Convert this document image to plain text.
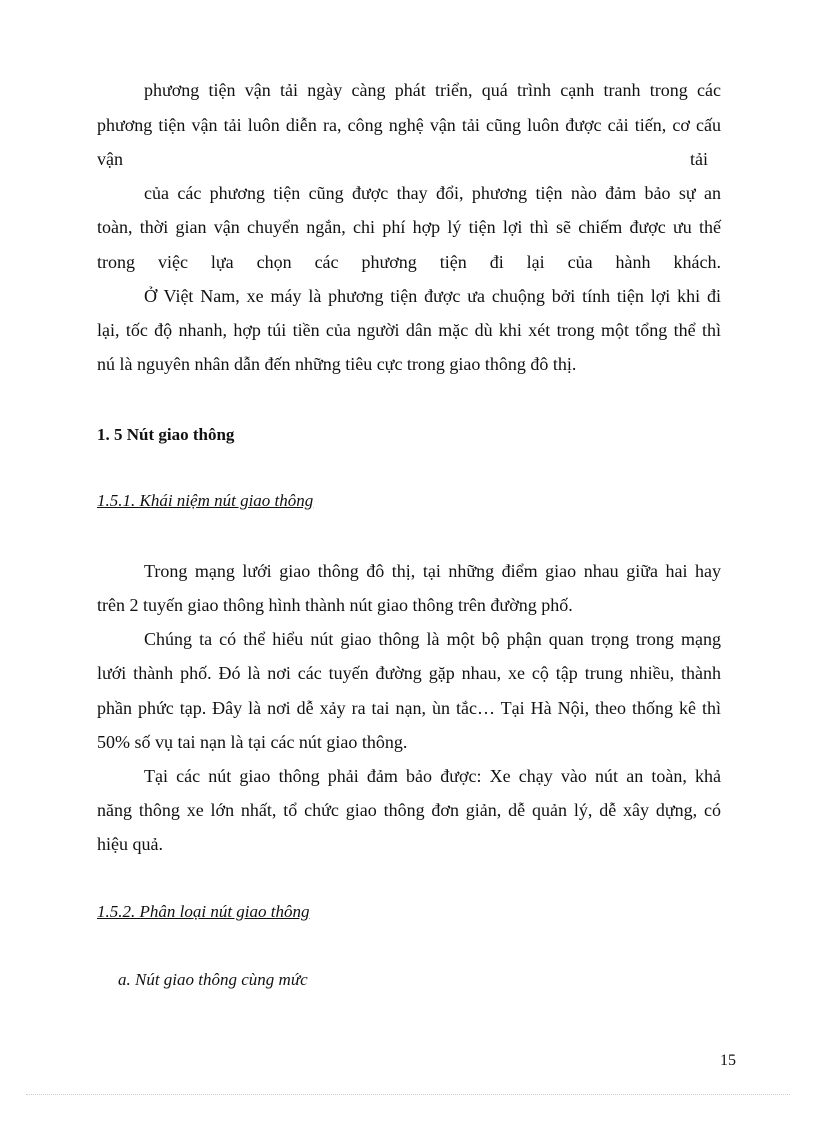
phương tiện vận tải ngày càng phát triển, quá trình cạnh tranh trong các
phương tiện vận tải luôn diễn ra, công nghệ vận tải cũng luôn được cải tiến, cơ cấu
vận	tải
của các phương tiện cũng được thay đổi, phương tiện nào đảm bảo sự an
toàn, thời gian vận chuyển ngắn, chi phí hợp lý tiện lợi thì sẽ chiếm được ưu thế
trong việc lựa chọn các phương tiện đi lại của hành khách.
Ở Việt Nam, xe máy là phương tiện được ưa chuộng bởi tính tiện lợi khi đi
lại, tốc độ nhanh, hợp túi tiền của người dân mặc dù khi xét trong một tổng thể thì
nú là nguyên nhân dẫn đến những tiêu cực trong giao thông đô thị.
1. 5 Nút giao thông
1.5.1. Khái niệm nút giao thông
Trong mạng lưới giao thông đô thị, tại những điểm giao nhau giữa hai hay
trên 2 tuyến giao thông hình thành nút giao thông trên đường phố.
Chúng ta có thể hiểu nút giao thông là một bộ phận quan trọng trong mạng
lưới thành phố. Đó là nơi các tuyến đường gặp nhau, xe cộ tập trung nhiều, thành
phần phức tạp. Đây là nơi dễ xảy ra tai nạn, ùn tắc… Tại Hà Nội, theo thống kê thì
50% số vụ tai nạn là tại các nút giao thông.
Tại các nút giao thông phải đảm bảo được: Xe chạy vào nút an toàn, khả
năng thông xe lớn nhất, tổ chức giao thông đơn giản, dễ quản lý, dễ xây dựng, có
hiệu quả.
1.5.2. Phân loại nút giao thông
a. Nút giao thông cùng mức
15
